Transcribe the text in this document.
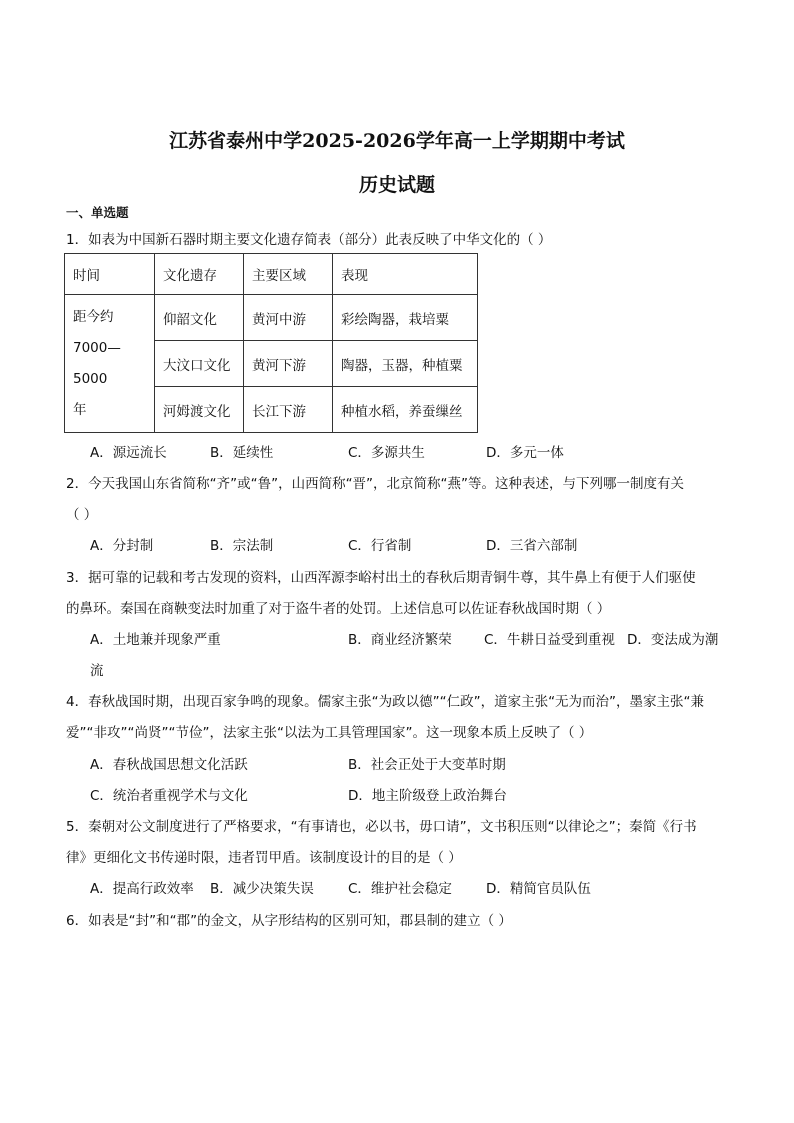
江苏省泰州中学2025-2026学年高一上学期期中考试
历史试题
一、单选题
1．如表为中国新石器时期主要文化遗存简表（部分）此表反映了中华文化的（ ）
时间	文化遗存	主要区域	表现

距今约
7000—5000
年	仰韶文化	黄河中游	彩绘陶器，栽培粟
	大汶口文化	黄河下游	陶器，玉器，种植粟
	河姆渡文化	长江下游	种植水稻，养蚕缫丝
A．源远流长	B．延续性	C．多源共生	D．多元一体
2．今天我国山东省简称“齐”或“鲁”，山西简称“晋”，北京简称“燕”等。这种表述，与下列哪一制度有关
（ ）
A．分封制	B．宗法制	C．行省制	D．三省六部制
3．据可靠的记载和考古发现的资料，山西浑源李峪村出土的春秋后期青铜牛尊，其牛鼻上有便于人们驱使
的鼻环。秦国在商鞅变法时加重了对于盗牛者的处罚。上述信息可以佐证春秋战国时期（ ）
A．土地兼并现象严重	B．商业经济繁荣 C．牛耕日益受到重视 D．变法成为潮
流
4．春秋战国时期，出现百家争鸣的现象。儒家主张“为政以德”“仁政”，道家主张“无为而治”，墨家主张“兼
爱”“非攻”“尚贤”“节俭”，法家主张“以法为工具管理国家”。这一现象本质上反映了（ ）
A．春秋战国思想文化活跃	B．社会正处于大变革时期
C．统治者重视学术与文化	D．地主阶级登上政治舞台
5．秦朝对公文制度进行了严格要求，“有事请也，必以书，毋口请”，文书积压则“以律论之”；秦简《行书
律》更细化文书传递时限，违者罚甲盾。该制度设计的目的是（ ）
A．提高行政效率 B．减少决策失误	C．维护社会稳定	D．精简官员队伍
6．如表是“封”和“郡”的金文，从字形结构的区别可知，郡县制的建立（ ）
